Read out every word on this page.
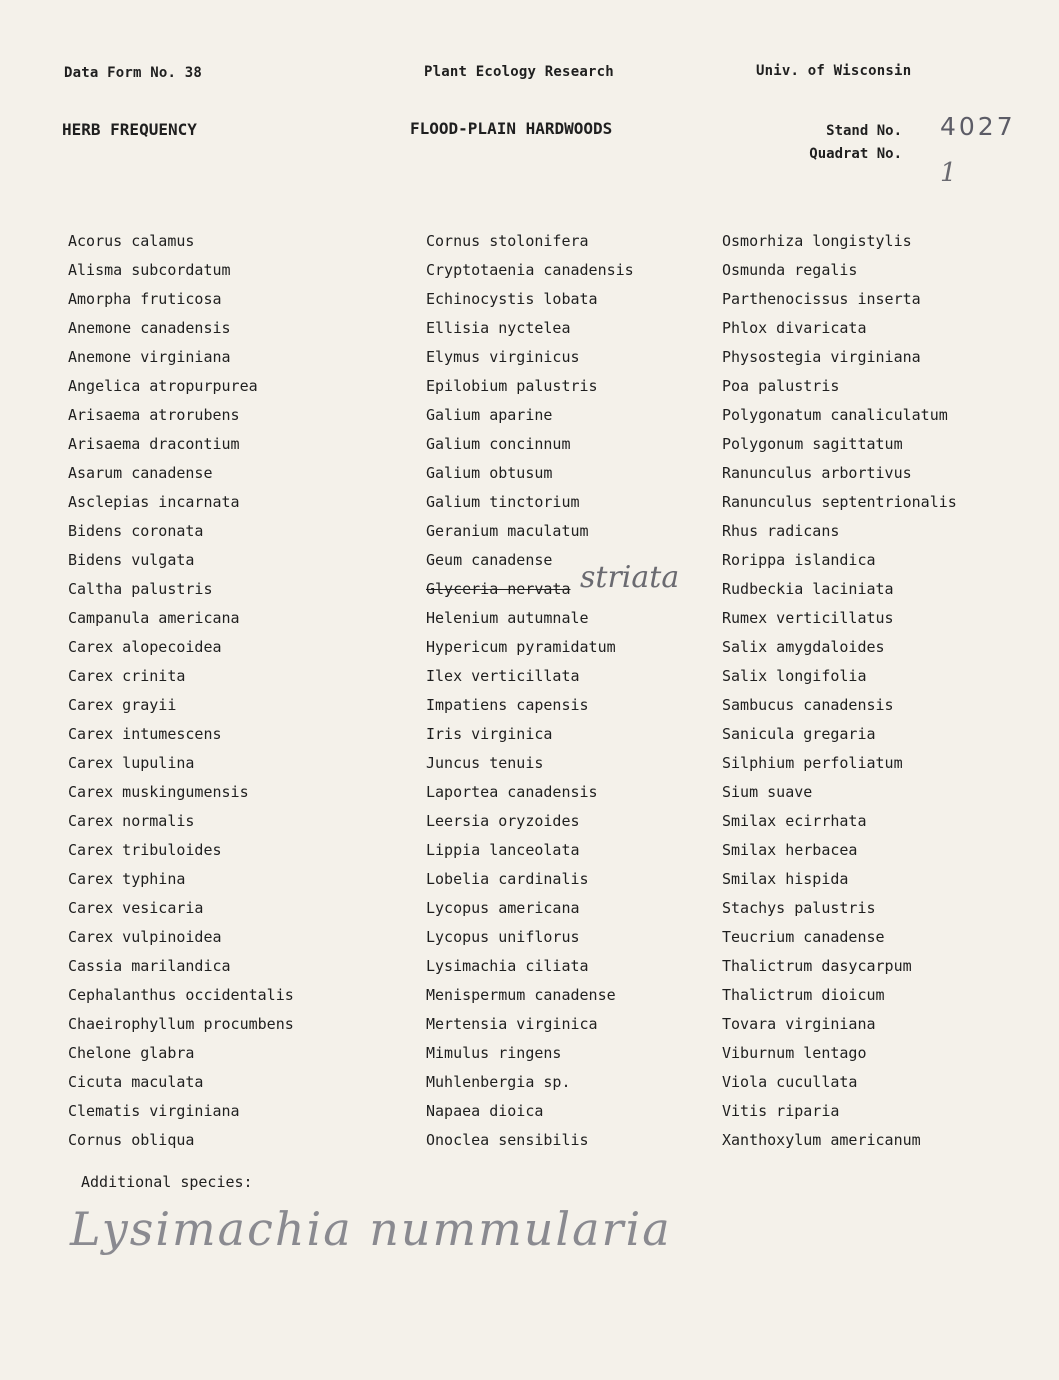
Data Form No. 38	Plant Ecology Research	Univ. of Wisconsin
HERB FREQUENCY	FLOOD-PLAIN HARDWOODS	Stand No.
Quadrat No.
4027
1
Acorus calamus
Alisma subcordatum
Amorpha fruticosa
Anemone canadensis
Anemone virginiana
Angelica atropurpurea
Arisaema atrorubens
Arisaema dracontium
Asarum canadense
Asclepias incarnata
Bidens coronata
Bidens vulgata
Caltha palustris
Campanula americana
Carex alopecoidea
Carex crinita
Carex grayii
Carex intumescens
Carex lupulina
Carex muskingumensis
Carex normalis
Carex tribuloides
Carex typhina
Carex vesicaria
Carex vulpinoidea
Cassia marilandica
Cephalanthus occidentalis
Chaeirophyllum procumbens
Chelone glabra
Cicuta maculata
Clematis virginiana
Cornus obliqua
Cornus stolonifera
Cryptotaenia canadensis
Echinocystis lobata
Ellisia nyctelea
Elymus virginicus
Epilobium palustris
Galium aparine
Galium concinnum
Galium obtusum
Galium tinctorium
Geranium maculatum
Geum canadense
Glyceria nervata
Helenium autumnale
Hypericum pyramidatum
Ilex verticillata
Impatiens capensis
Iris virginica
Juncus tenuis
Laportea canadensis
Leersia oryzoides
Lippia lanceolata
Lobelia cardinalis
Lycopus americana
Lycopus uniflorus
Lysimachia ciliata
Menispermum canadense
Mertensia virginica
Mimulus ringens
Muhlenbergia sp.
Napaea dioica
Onoclea sensibilis
Osmorhiza longistylis
Osmunda regalis
Parthenocissus inserta
Phlox divaricata
Physostegia virginiana
Poa palustris
Polygonatum canaliculatum
Polygonum sagittatum
Ranunculus arbortivus
Ranunculus septentrionalis
Rhus radicans
Rorippa islandica
Rudbeckia laciniata
Rumex verticillatus
Salix amygdaloides
Salix longifolia
Sambucus canadensis
Sanicula gregaria
Silphium perfoliatum
Sium suave
Smilax ecirrhata
Smilax herbacea
Smilax hispida
Stachys palustris
Teucrium canadense
Thalictrum dasycarpum
Thalictrum dioicum
Tovara virginiana
Viburnum lentago
Viola cucullata
Vitis riparia
Xanthoxylum americanum
striata
Additional species:
Lysimachia nummularia
